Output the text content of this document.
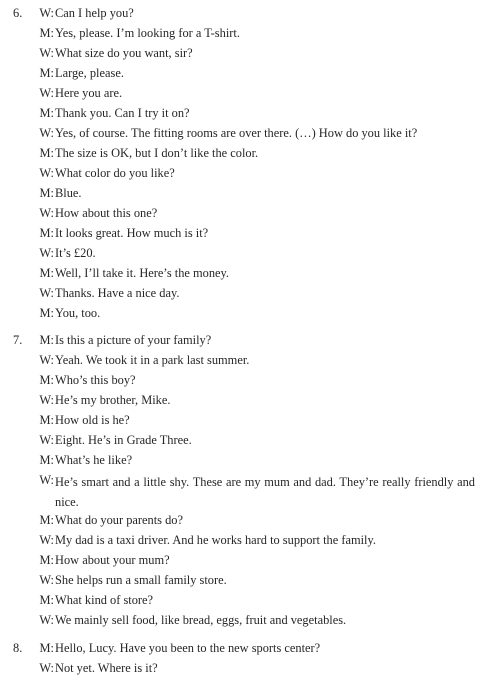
6.	W: Can I help you?
M: Yes, please. I’m looking for a T-shirt.
W: What size do you want, sir?
M: Large, please.
W: Here you are.
M: Thank you. Can I try it on?
W: Yes, of course. The fitting rooms are over there. (…) How do you like it?
M: The size is OK, but I don’t like the color.
W: What color do you like?
M: Blue.
W: How about this one?
M: It looks great. How much is it?
W: It’s £20.
M: Well, I’ll take it. Here’s the money.
W: Thanks. Have a nice day.
M: You, too.
7.	M: Is this a picture of your family?
W: Yeah. We took it in a park last summer.
M: Who’s this boy?
W: He’s my brother, Mike.
M: How old is he?
W: Eight. He’s in Grade Three.
M: What’s he like?
W: He’s smart and a little shy. These are my mum and dad. They’re really friendly and nice.
M: What do your parents do?
W: My dad is a taxi driver. And he works hard to support the family.
M: How about your mum?
W: She helps run a small family store.
M: What kind of store?
W: We mainly sell food, like bread, eggs, fruit and vegetables.
8.	M: Hello, Lucy. Have you been to the new sports center?
W: Not yet. Where is it?
